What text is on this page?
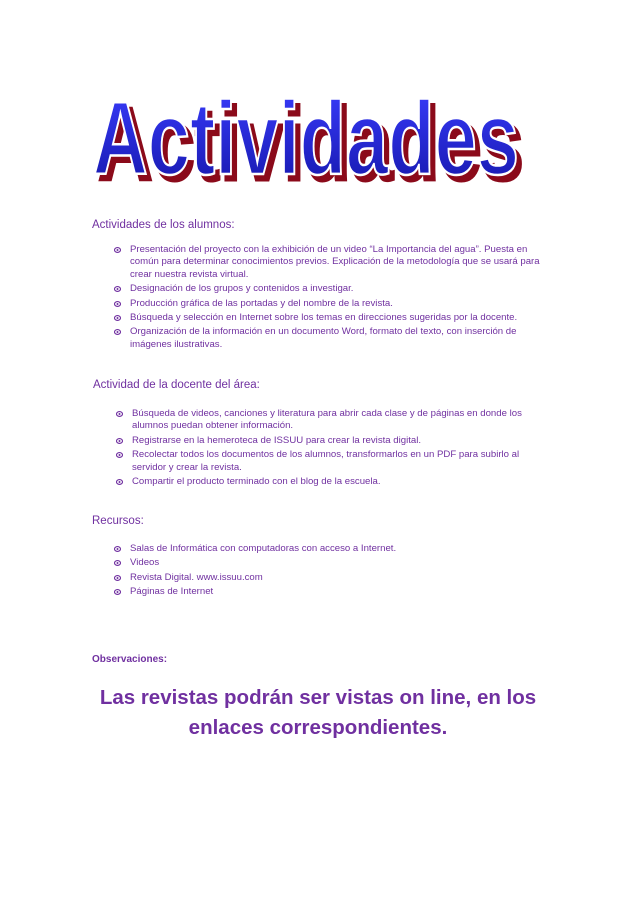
Actividades
Actividades

Actividades de los alumnos:

Presentación del proyecto con la exhibición de un video “La Importancia del agua”. Puesta en común para determinar conocimientos previos. Explicación de la metodología que se usará para crear nuestra revista virtual.
Designación de los grupos y contenidos a investigar.
Producción gráfica de las portadas y del nombre de la revista.
Búsqueda y selección en Internet sobre los temas en direcciones sugeridas por la docente.
Organización de la información en un documento Word, formato del texto, con inserción de imágenes ilustrativas.

Actividad de la docente del área:

Búsqueda de videos, canciones y literatura para abrir cada clase y de páginas en donde los alumnos puedan obtener información.
Registrarse en la hemeroteca de ISSUU para crear la revista digital.
Recolectar todos los documentos de los alumnos, transformarlos en un PDF para subirlo al servidor y crear la revista.
Compartir el producto terminado con el blog de la escuela.

Recursos:

Salas de Informática con computadoras con acceso a Internet.
Videos
Revista Digital. www.issuu.com
Páginas de Internet

Observaciones:

Las revistas podrán ser vistas on line, en los enlaces correspondientes.
